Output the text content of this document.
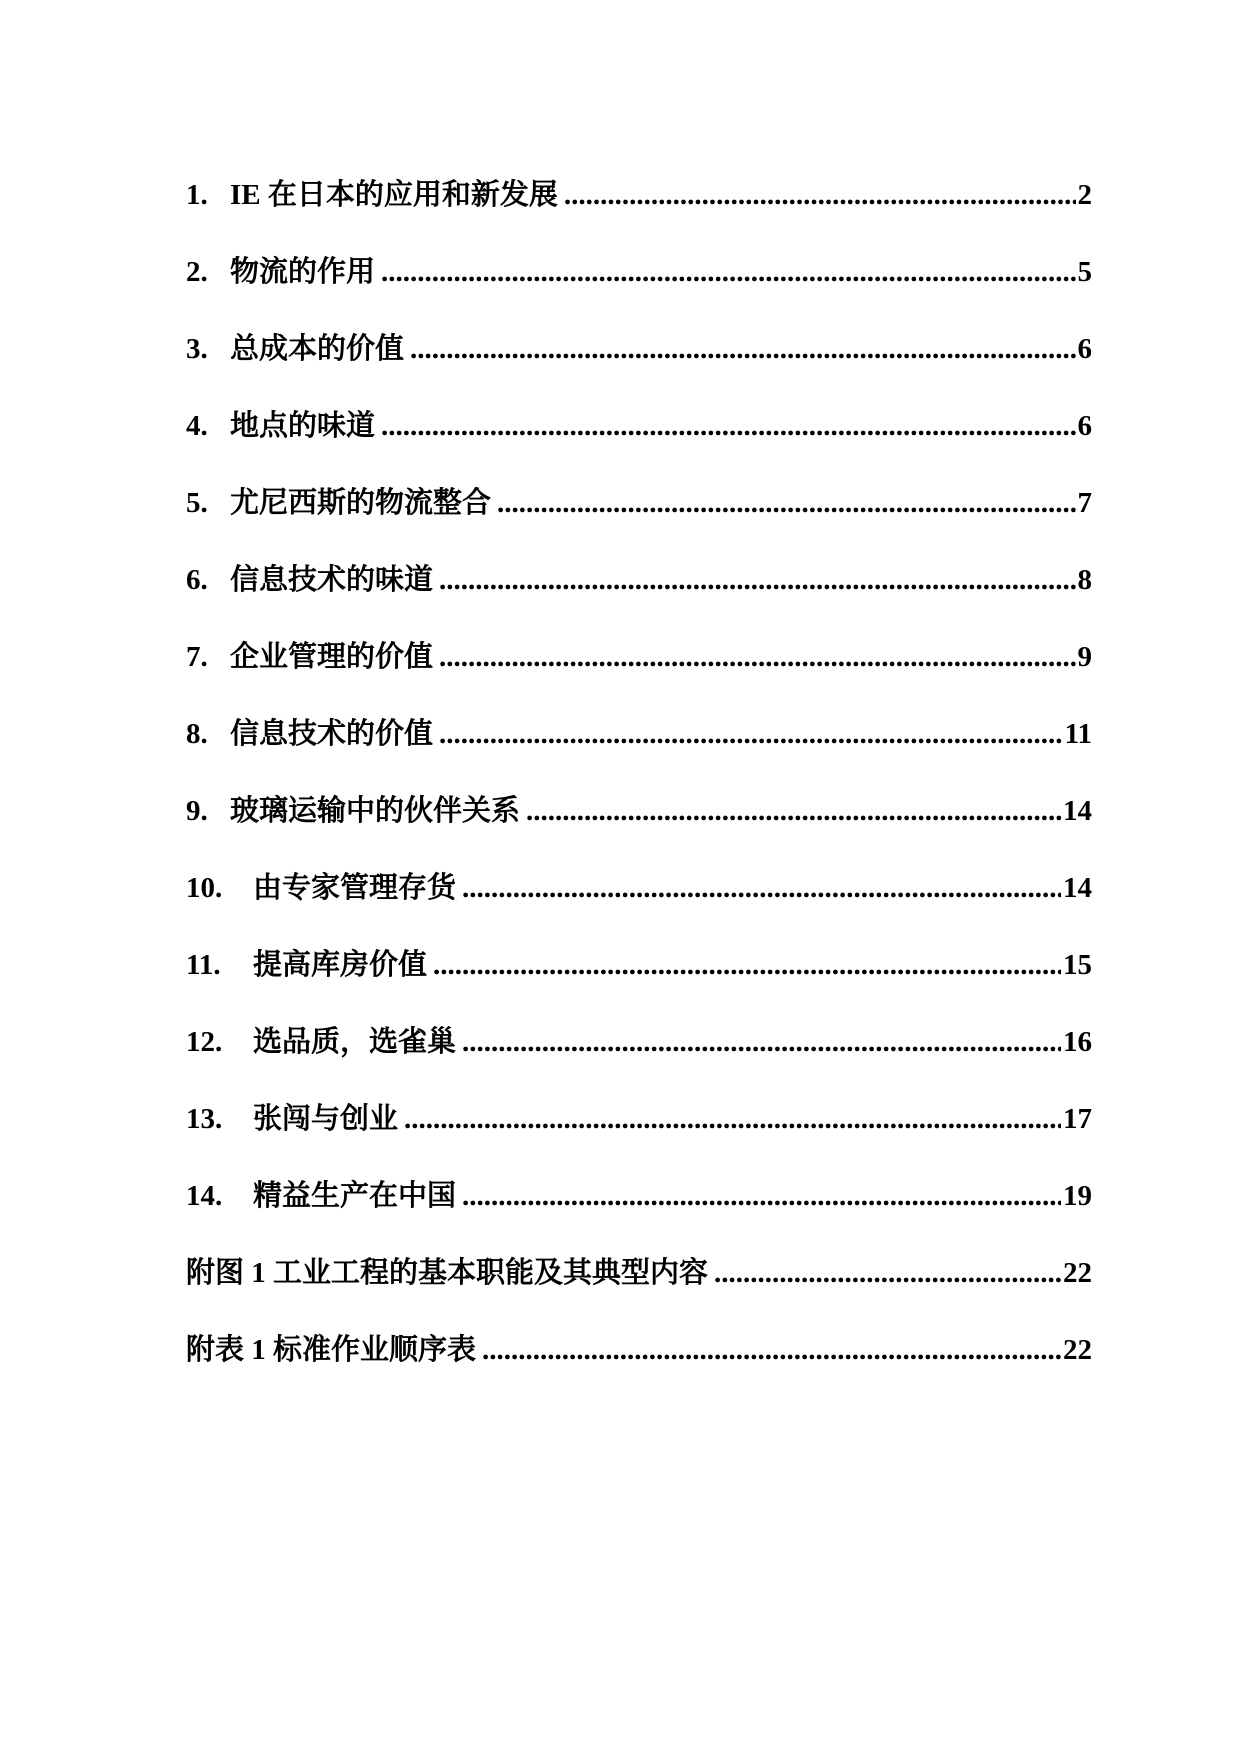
1. IE 在日本的应用和新发展 .....	2
2. 物流的作用 .....	5
3. 总成本的价值 .....	6
4. 地点的味道 .....	6
5. 尤尼西斯的物流整合 .....	7
6. 信息技术的味道 .....	8
7. 企业管理的价值 .....	9
8. 信息技术的价值 .....	11
9. 玻璃运输中的伙伴关系 .....	14
10.	由专家管理存货 .....	14
11.	提高库房价值 .....	15
12.	选品质，选雀巢 .....	16
13.	张闯与创业 .....	17
14.	精益生产在中国 .....	19
附图 1 工业工程的基本职能及其典型内容 .....	22
附表 1 标准作业顺序表 .....	22
